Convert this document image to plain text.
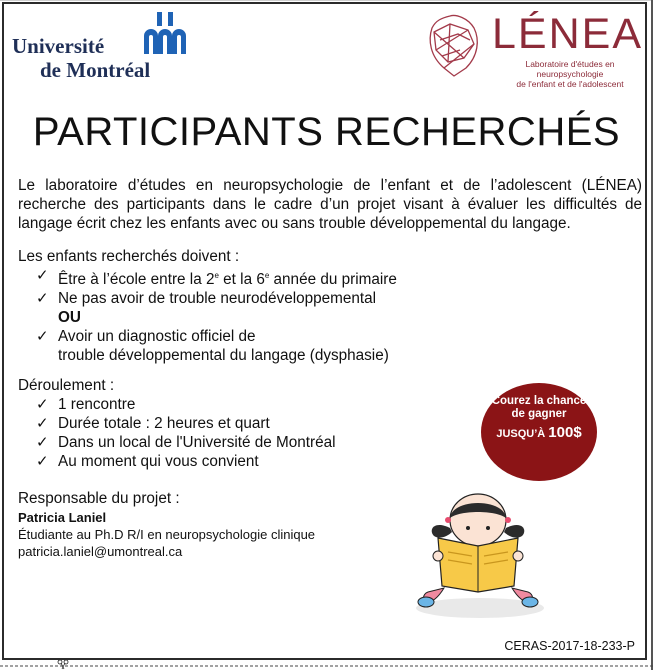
Université
de Montréal
LÉNEA
Laboratoire d'études en neuropsychologie
de l'enfant et de l'adolescent
PARTICIPANTS RECHERCHÉS
Le laboratoire d’études en neuropsychologie de l’enfant et de l’adolescent (LÉNEA) recherche des participants dans le cadre d’un projet visant à évaluer les difficultés de langage écrit chez les enfants avec ou sans trouble développemental du langage.
Les enfants recherchés doivent :
✓ Être à l’école entre la 2e et la 6e année du primaire
✓ Ne pas avoir de trouble neurodéveloppemental
OU
✓ Avoir un diagnostic officiel de
trouble développemental du langage (dysphasie)
Déroulement :
✓ 1 rencontre
✓ Durée totale : 2 heures et quart
✓ Dans un local de l'Université de Montréal
✓ Au moment qui vous convient
Courez la chance
de gagner
JUSQU’À 100$
Responsable du projet :
Patricia Laniel
Étudiante au Ph.D R/I en neuropsychologie clinique
patricia.laniel@umontreal.ca
CERAS-2017-18-233-P
